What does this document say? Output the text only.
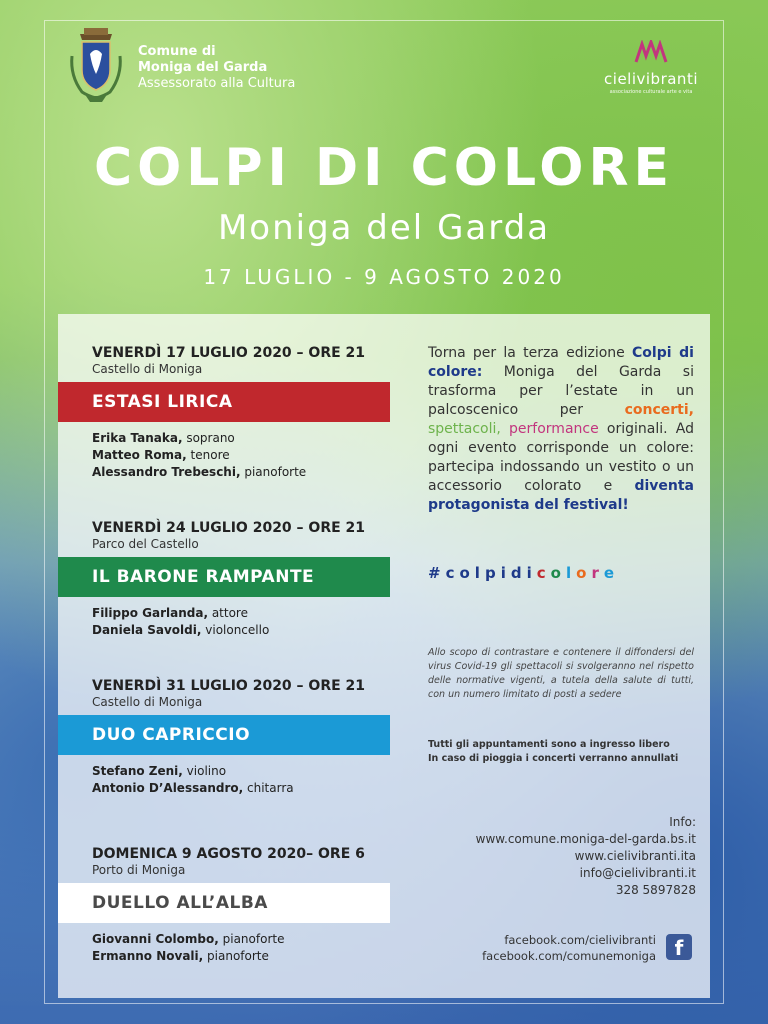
Comune di
Moniga del Garda
Assessorato alla Cultura	cielivibranti
associazione culturale arte e vita
COLPI DI COLORE
Moniga del Garda
17 LUGLIO - 9 AGOSTO 2020
VENERDÌ 17 LUGLIO 2020 – ORE 21
Castello di Moniga
ESTASI LIRICA
Erika Tanaka, soprano
Matteo Roma, tenore
Alessandro Trebeschi, pianoforte
VENERDÌ 24 LUGLIO 2020 – ORE 21
Parco del Castello
IL BARONE RAMPANTE
Filippo Garlanda, attore
Daniela Savoldi, violoncello
VENERDÌ 31 LUGLIO 2020 – ORE 21
Castello di Moniga
DUO CAPRICCIO
Stefano Zeni, violino
Antonio D’Alessandro, chitarra
DOMENICA 9 AGOSTO 2020– ORE 6
Porto di Moniga
DUELLO ALL’ALBA
Giovanni Colombo, pianoforte
Ermanno Novali, pianoforte
Torna per la terza edizione Colpi di colore: Moniga del Garda si trasforma per l’estate in un palcoscenico per concerti, spettacoli, performance originali. Ad ogni evento corrisponde un colore: partecipa indossando un vestito o un accessorio colorato e diventa protagonista del festival!
#colpidicolore
Allo scopo di contrastare e contenere il diffondersi del virus Covid-19 gli spettacoli si svolgeranno nel rispetto delle normative vigenti, a tutela della salute di tutti, con un numero limitato di posti a sedere
Tutti gli appuntamenti sono a ingresso libero
In caso di pioggia i concerti verranno annullati
Info:
www.comune.moniga-del-garda.bs.it
www.cielivibranti.ita
info@cielivibranti.it
328 5897828
facebook.com/cielivibranti
facebook.com/comunemoniga f
